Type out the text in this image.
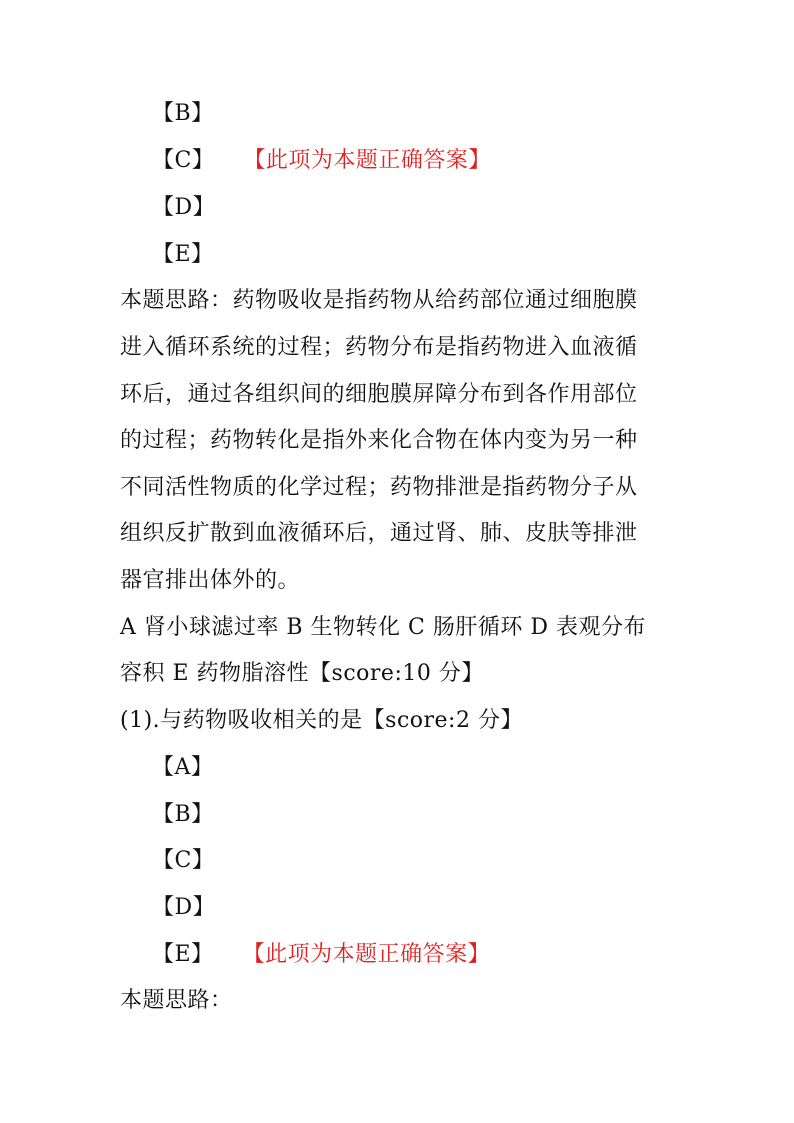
【B】
【C】 【此项为本题正确答案】
【D】
【E】
本题思路：药物吸收是指药物从给药部位通过细胞膜
进入循环系统的过程；药物分布是指药物进入血液循
环后，通过各组织间的细胞膜屏障分布到各作用部位
的过程；药物转化是指外来化合物在体内变为另一种
不同活性物质的化学过程；药物排泄是指药物分子从
组织反扩散到血液循环后，通过肾、肺、皮肤等排泄
器官排出体外的。
A 肾小球滤过率 B 生物转化 C 肠肝循环 D 表观分布
容积 E 药物脂溶性【score:10 分】
(1).与药物吸收相关的是【score:2 分】
【A】
【B】
【C】
【D】
【E】 【此项为本题正确答案】
本题思路：
